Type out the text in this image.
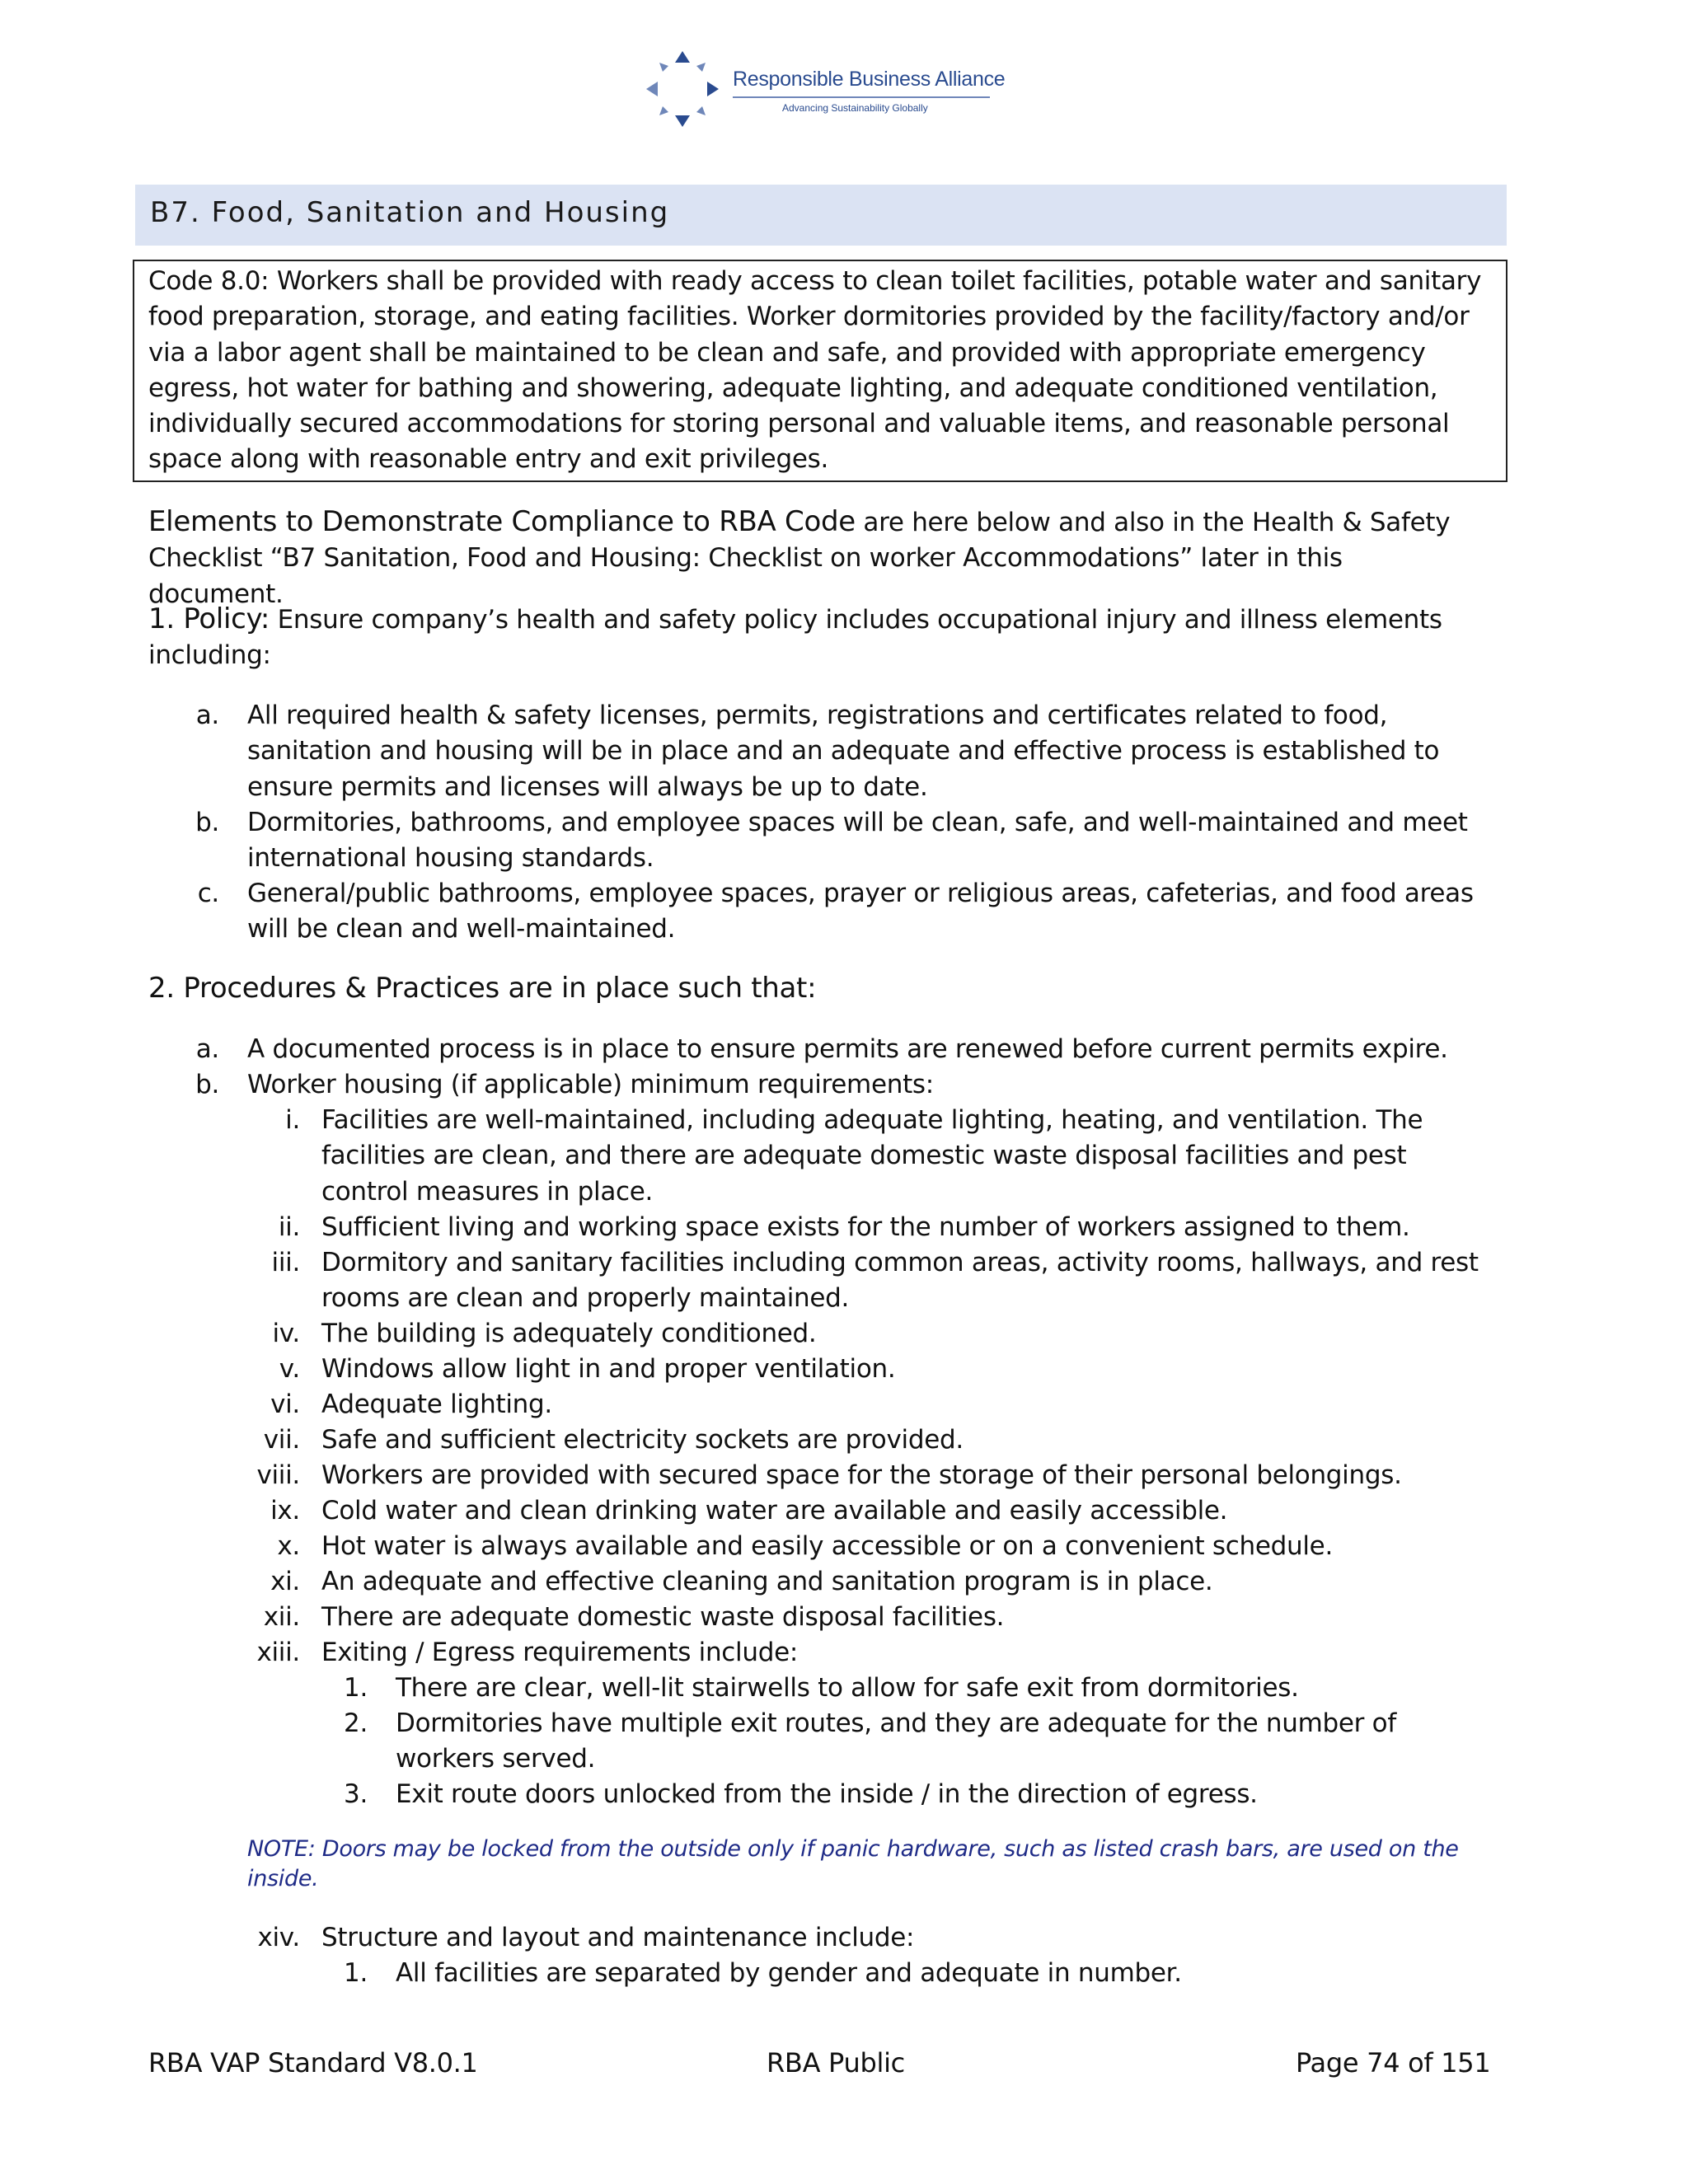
Responsible Business Alliance
Advancing Sustainability Globally
B7. Food, Sanitation and Housing
Code 8.0: Workers shall be provided with ready access to clean toilet facilities, potable water and sanitary food preparation, storage, and eating facilities. Worker dormitories provided by the facility/factory and/or via a labor agent shall be maintained to be clean and safe, and provided with appropriate emergency egress, hot water for bathing and showering, adequate lighting, and adequate conditioned ventilation, individually secured accommodations for storing personal and valuable items, and reasonable personal space along with reasonable entry and exit privileges.
Elements to Demonstrate Compliance to RBA Code are here below and also in the Health & Safety Checklist “B7 Sanitation, Food and Housing: Checklist on worker Accommodations” later in this document.
1. Policy: Ensure company’s health and safety policy includes occupational injury and illness elements including:
a. All required health & safety licenses, permits, registrations and certificates related to food, sanitation and housing will be in place and an adequate and effective process is established to ensure permits and licenses will always be up to date.
b. Dormitories, bathrooms, and employee spaces will be clean, safe, and well-maintained and meet international housing standards.
c. General/public bathrooms, employee spaces, prayer or religious areas, cafeterias, and food areas will be clean and well-maintained.
2. Procedures & Practices are in place such that:
a. A documented process is in place to ensure permits are renewed before current permits expire.
b. Worker housing (if applicable) minimum requirements:
i. Facilities are well-maintained, including adequate lighting, heating, and ventilation. The facilities are clean, and there are adequate domestic waste disposal facilities and pest control measures in place.
ii. Sufficient living and working space exists for the number of workers assigned to them.
iii. Dormitory and sanitary facilities including common areas, activity rooms, hallways, and rest rooms are clean and properly maintained.
iv. The building is adequately conditioned.
v. Windows allow light in and proper ventilation.
vi. Adequate lighting.
vii. Safe and sufficient electricity sockets are provided.
viii. Workers are provided with secured space for the storage of their personal belongings.
ix. Cold water and clean drinking water are available and easily accessible.
x. Hot water is always available and easily accessible or on a convenient schedule.
xi. An adequate and effective cleaning and sanitation program is in place.
xii. There are adequate domestic waste disposal facilities.
xiii. Exiting / Egress requirements include:
1. There are clear, well-lit stairwells to allow for safe exit from dormitories.
2. Dormitories have multiple exit routes, and they are adequate for the number of workers served.
3. Exit route doors unlocked from the inside / in the direction of egress.
NOTE: Doors may be locked from the outside only if panic hardware, such as listed crash bars, are used on the inside.
xiv. Structure and layout and maintenance include:
1. All facilities are separated by gender and adequate in number.
RBA VAP Standard V8.0.1	RBA Public	Page 74 of 151
